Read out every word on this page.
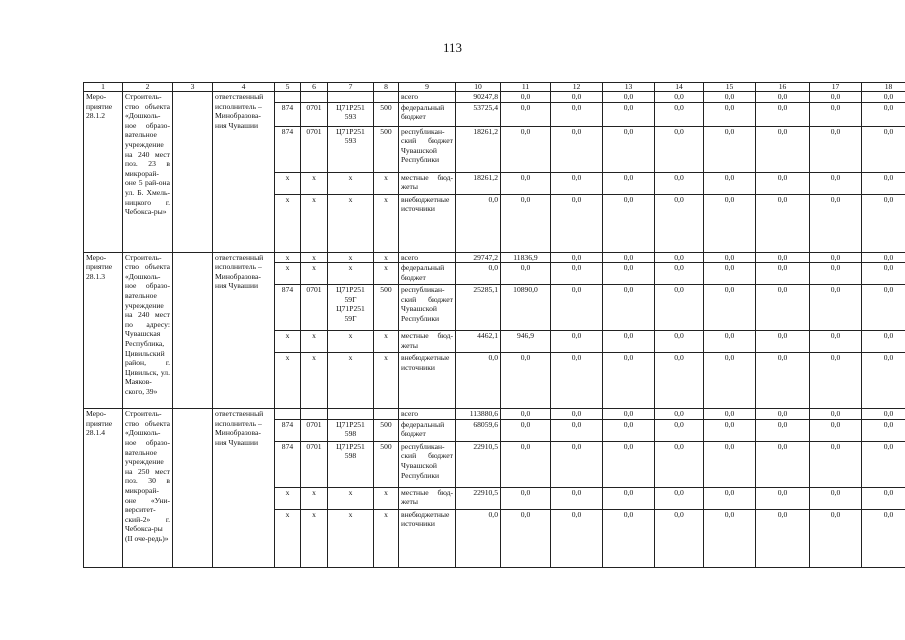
113
1	2	3	4	5	6	7	8	9	10	11	12	13	14	15	16	17	18
Меро-приятие 28.1.2	Строитель-ство объекта «Дошколь-ное образо-вательное учреждение на 240 мест поз. 23 в микрорай-оне 5 рай-она ул. Б. Хмель-ницкого г. Чебокса-ры»		ответственный исполнитель – Минобразова-ния Чувашии					всего	90247,8	0,0	0,0	0,0	0,0	0,0	0,0	0,0	0,0
				874	0701	Ц71Р251 593	500	федеральный бюджет	53725,4	0,0	0,0	0,0	0,0	0,0	0,0	0,0	0,0
				874	0701	Ц71Р251 593	500	республикан-ский бюджет Чувашской Республики	18261,2	0,0	0,0	0,0	0,0	0,0	0,0	0,0	0,0
				х	х	х	х	местные бюд-жеты	18261,2	0,0	0,0	0,0	0,0	0,0	0,0	0,0	0,0
				х	х	х	х	внебюджетные источники	0,0	0,0	0,0	0,0	0,0	0,0	0,0	0,0	0,0
Меро-приятие 28.1.3	Строитель-ство объекта «Дошколь-ное образо-вательное учреждение на 240 мест по адресу: Чувашская Республика, Цивильский район, г. Цивильск, ул. Маяков-ского, 39»		ответственный исполнитель – Минобразова-ния Чувашии	х	х	х	х	всего	29747,2	11836,9	0,0	0,0	0,0	0,0	0,0	0,0	0,0
				х	х	х	х	федеральный бюджет	0,0	0,0	0,0	0,0	0,0	0,0	0,0	0,0	0,0
				874	0701	Ц71Р251 59Г Ц71Р251 59Г	500	республикан-ский бюджет Чувашской Республики	25285,1	10890,0	0,0	0,0	0,0	0,0	0,0	0,0	0,0
				х	х	х	х	местные бюд-жеты	4462,1	946,9	0,0	0,0	0,0	0,0	0,0	0,0	0,0
				х	х	х	х	внебюджетные источники	0,0	0,0	0,0	0,0	0,0	0,0	0,0	0,0	0,0
Меро-приятие 28.1.4	Строитель-ство объекта «Дошколь-ное образо-вательное учреждение на 250 мест поз. 30 в микрорай-оне «Уни-верситет-ский-2» г. Чебокса-ры (II оче-редь)»		ответственный исполнитель – Минобразова-ния Чувашии					всего	113880,6	0,0	0,0	0,0	0,0	0,0	0,0	0,0	0,0
				874	0701	Ц71Р251 598	500	федеральный бюджет	68059,6	0,0	0,0	0,0	0,0	0,0	0,0	0,0	0,0
				874	0701	Ц71Р251 598	500	республикан-ский бюджет Чувашской Республики	22910,5	0,0	0,0	0,0	0,0	0,0	0,0	0,0	0,0
				х	х	х	х	местные бюд-жеты	22910,5	0,0	0,0	0,0	0,0	0,0	0,0	0,0	0,0
				х	х	х	х	внебюджетные источники	0,0	0,0	0,0	0,0	0,0	0,0	0,0	0,0	0,0
